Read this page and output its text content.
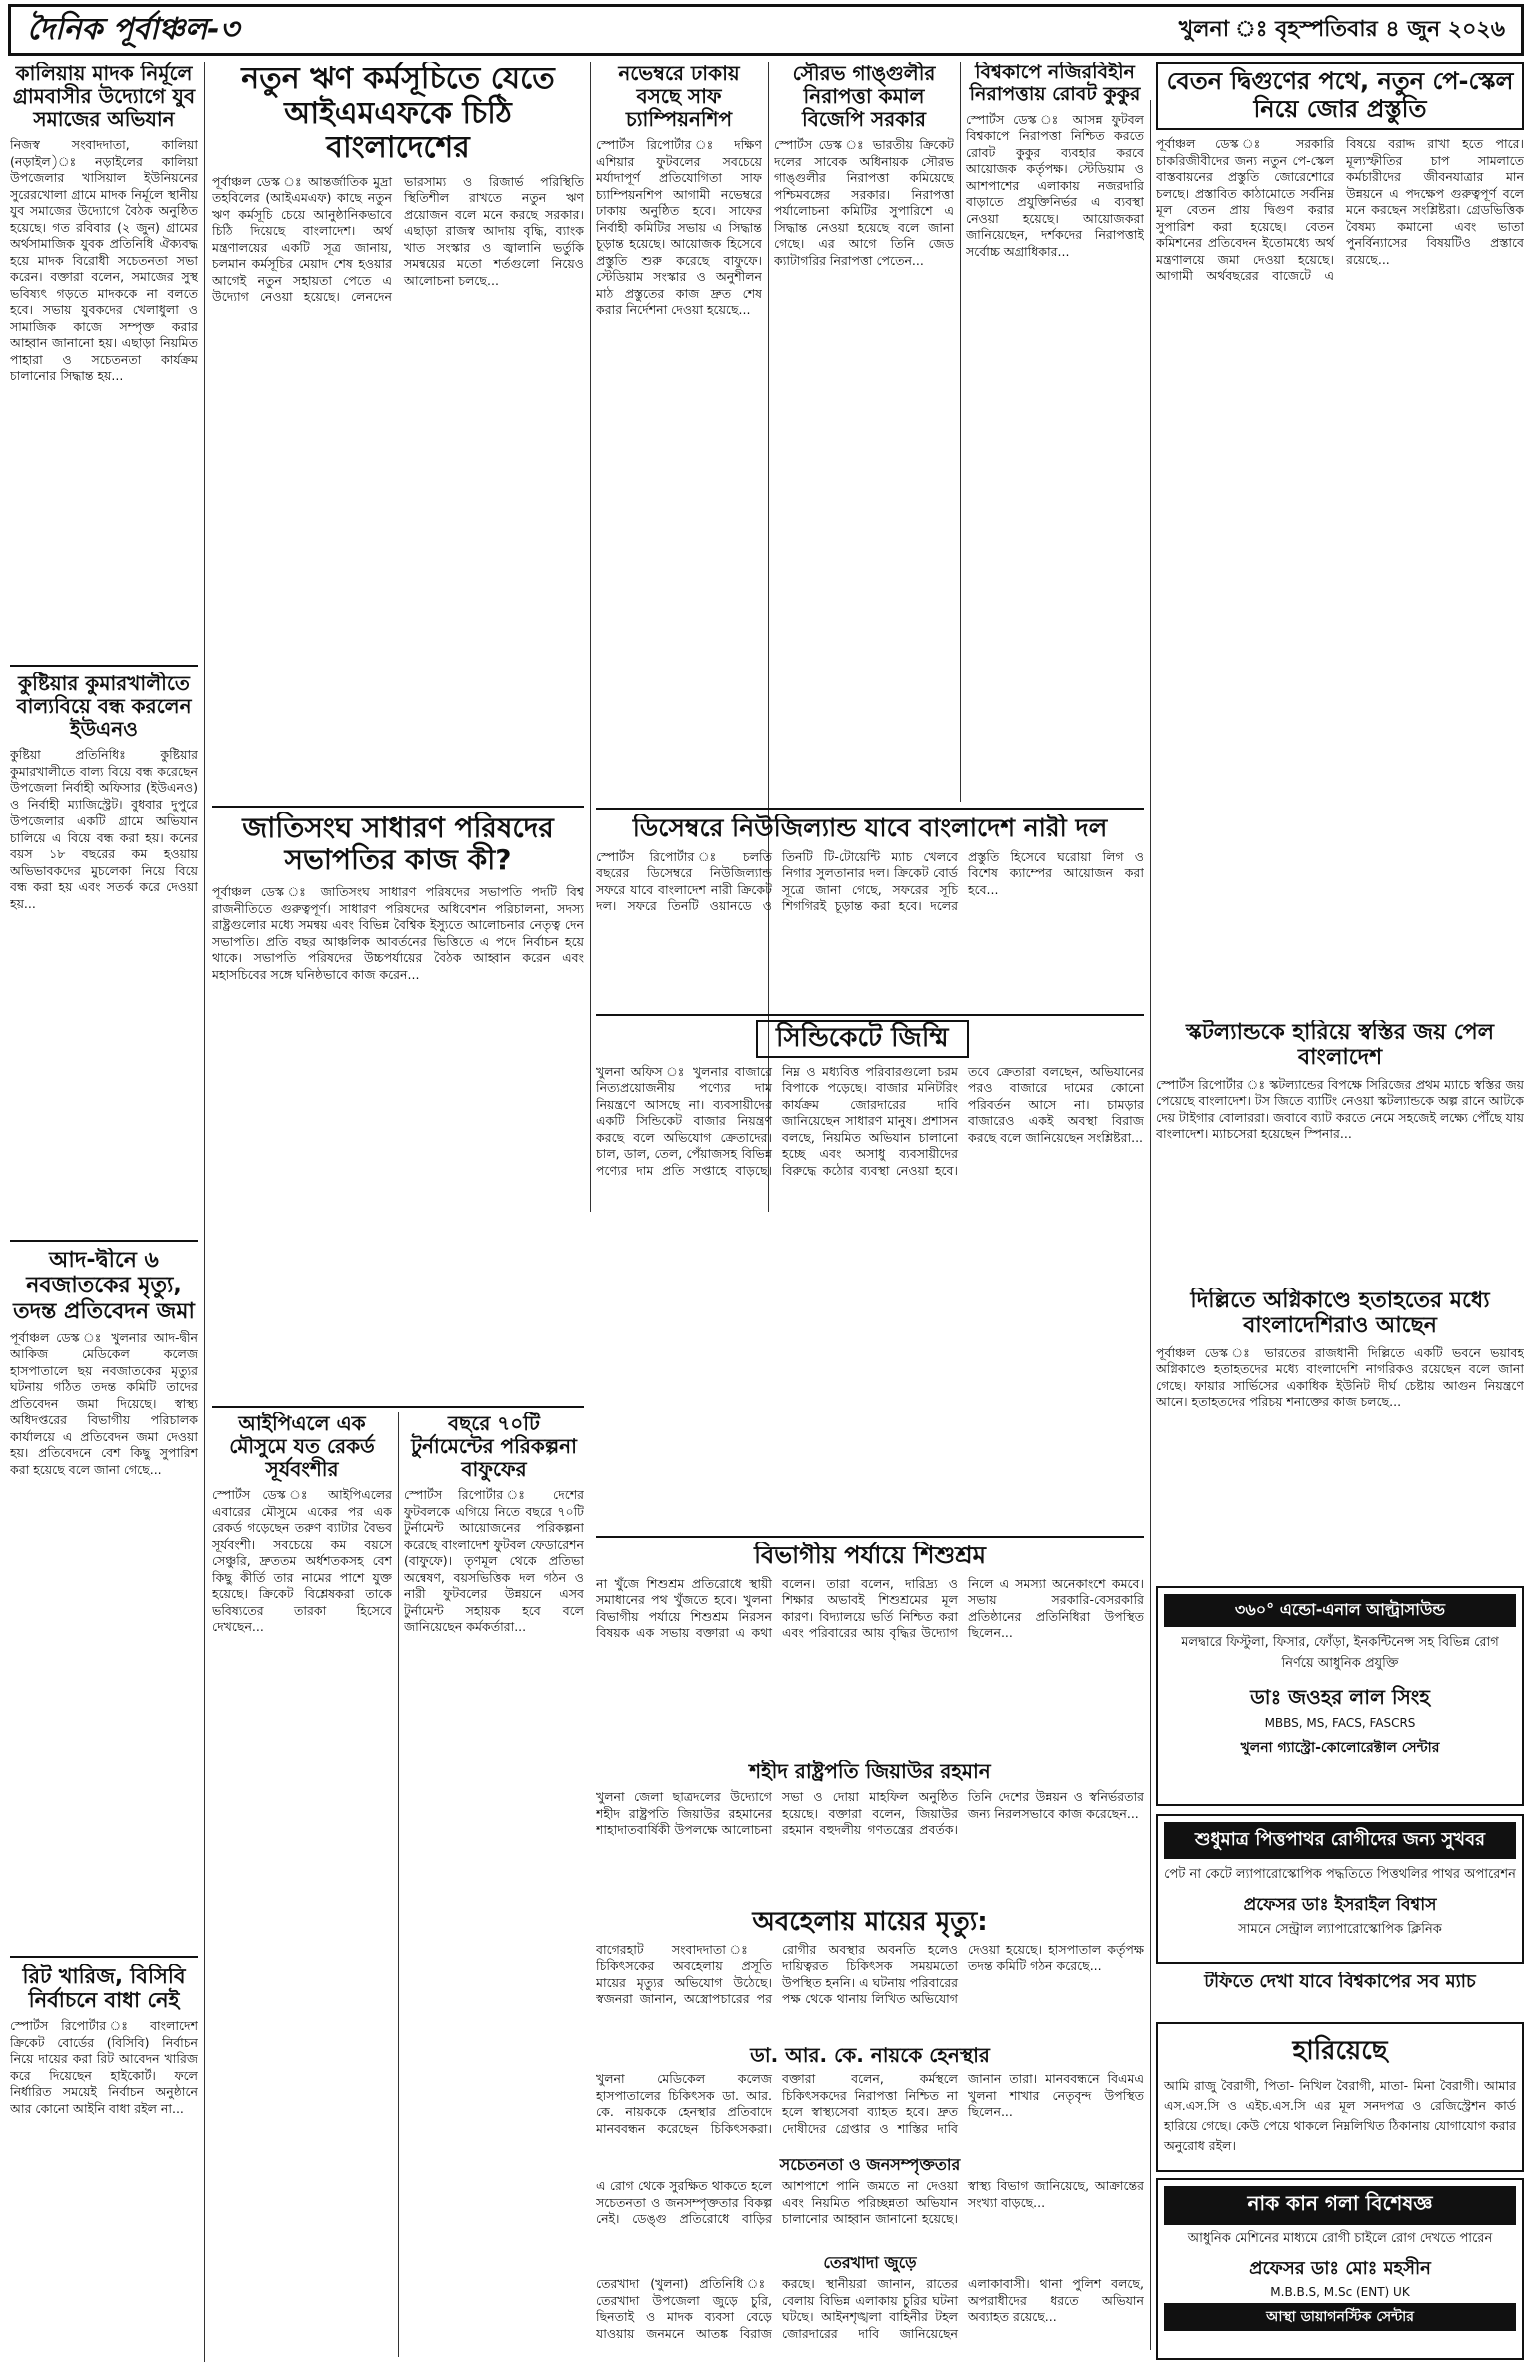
দৈনিক পূর্বাঞ্চল-৩	খুলনা ঃ বৃহস্পতিবার ৪ জুন ২০২৬
কালিয়ায় মাদক নির্মূলে গ্রামবাসীর উদ্যোগে যুব সমাজের অভিযান
নিজস্ব সংবাদদাতা, কালিয়া (নড়াইল)ঃ নড়াইলের কালিয়া উপজেলার খাসিয়াল ইউনিয়নের সুরেরখোলা গ্রামে মাদক নির্মূলে স্থানীয় যুব সমাজের উদ্যোগে বৈঠক অনুষ্ঠিত হয়েছে। গত রবিবার (২ জুন) গ্রামের অর্থসামাজিক যুবক প্রতিনিধি ঐক্যবদ্ধ হয়ে মাদক বিরোধী সচেতনতা সভা করেন। বক্তারা বলেন, সমাজের সুস্থ ভবিষ্যৎ গড়তে মাদককে না বলতে হবে। সভায় যুবকদের খেলাধুলা ও সামাজিক কাজে সম্পৃক্ত করার আহ্বান জানানো হয়। এছাড়া নিয়মিত পাহারা ও সচেতনতা কার্যক্রম চালানোর সিদ্ধান্ত হয়...
কুষ্টিয়ার কুমারখালীতে বাল্যবিয়ে বন্ধ করলেন ইউএনও
কুষ্টিয়া প্রতিনিধিঃ কুষ্টিয়ার কুমারখালীতে বাল্য বিয়ে বন্ধ করেছেন উপজেলা নির্বাহী অফিসার (ইউএনও) ও নির্বাহী ম্যাজিস্ট্রেট। বুধবার দুপুরে উপজেলার একটি গ্রামে অভিযান চালিয়ে এ বিয়ে বন্ধ করা হয়। কনের বয়স ১৮ বছরের কম হওয়ায় অভিভাবকদের মুচলেকা নিয়ে বিয়ে বন্ধ করা হয় এবং সতর্ক করে দেওয়া হয়...
আদ-দ্বীনে ৬ নবজাতকের মৃত্যু, তদন্ত প্রতিবেদন জমা
পূর্বাঞ্চল ডেস্ক ঃ খুলনার আদ-দ্বীন আকিজ মেডিকেল কলেজ হাসপাতালে ছয় নবজাতকের মৃত্যুর ঘটনায় গঠিত তদন্ত কমিটি তাদের প্রতিবেদন জমা দিয়েছে। স্বাস্থ্য অধিদপ্তরের বিভাগীয় পরিচালক কার্যালয়ে এ প্রতিবেদন জমা দেওয়া হয়। প্রতিবেদনে বেশ কিছু সুপারিশ করা হয়েছে বলে জানা গেছে...
রিট খারিজ, বিসিবি নির্বাচনে বাধা নেই
স্পোর্টস রিপোর্টার ঃ বাংলাদেশ ক্রিকেট বোর্ডের (বিসিবি) নির্বাচন নিয়ে দায়ের করা রিট আবেদন খারিজ করে দিয়েছেন হাইকোর্ট। ফলে নির্ধারিত সময়েই নির্বাচন অনুষ্ঠানে আর কোনো আইনি বাধা রইল না...
নতুন ঋণ কর্মসূচিতে যেতে আইএমএফকে চিঠি বাংলাদেশের
পূর্বাঞ্চল ডেস্ক ঃ আন্তর্জাতিক মুদ্রা তহবিলের (আইএমএফ) কাছে নতুন ঋণ কর্মসূচি চেয়ে আনুষ্ঠানিকভাবে চিঠি দিয়েছে বাংলাদেশ। অর্থ মন্ত্রণালয়ের একটি সূত্র জানায়, চলমান কর্মসূচির মেয়াদ শেষ হওয়ার আগেই নতুন সহায়তা পেতে এ উদ্যোগ নেওয়া হয়েছে। লেনদেন ভারসাম্য ও রিজার্ভ পরিস্থিতি স্থিতিশীল রাখতে নতুন ঋণ প্রয়োজন বলে মনে করছে সরকার। এছাড়া রাজস্ব আদায় বৃদ্ধি, ব্যাংক খাত সংস্কার ও জ্বালানি ভর্তুকি সমন্বয়ের মতো শর্তগুলো নিয়েও আলোচনা চলছে...
জাতিসংঘ সাধারণ পরিষদের সভাপতির কাজ কী?
পূর্বাঞ্চল ডেস্ক ঃ জাতিসংঘ সাধারণ পরিষদের সভাপতি পদটি বিশ্ব রাজনীতিতে গুরুত্বপূর্ণ। সাধারণ পরিষদের অধিবেশন পরিচালনা, সদস্য রাষ্ট্রগুলোর মধ্যে সমন্বয় এবং বিভিন্ন বৈশ্বিক ইস্যুতে আলোচনার নেতৃত্ব দেন সভাপতি। প্রতি বছর আঞ্চলিক আবর্তনের ভিত্তিতে এ পদে নির্বাচন হয়ে থাকে। সভাপতি পরিষদের উচ্চপর্যায়ের বৈঠক আহ্বান করেন এবং মহাসচিবের সঙ্গে ঘনিষ্ঠভাবে কাজ করেন...
আইপিএলে এক মৌসুমে যত রেকর্ড সূর্যবংশীর
স্পোর্টস ডেস্ক ঃ আইপিএলের এবারের মৌসুমে একের পর এক রেকর্ড গড়েছেন তরুণ ব্যাটার বৈভব সূর্যবংশী। সবচেয়ে কম বয়সে সেঞ্চুরি, দ্রুততম অর্ধশতকসহ বেশ কিছু কীর্তি তার নামের পাশে যুক্ত হয়েছে। ক্রিকেট বিশ্লেষকরা তাকে ভবিষ্যতের তারকা হিসেবে দেখছেন...
বছরে ৭০টি টুর্নামেন্টের পরিকল্পনা বাফুফের
স্পোর্টস রিপোর্টার ঃ দেশের ফুটবলকে এগিয়ে নিতে বছরে ৭০টি টুর্নামেন্ট আয়োজনের পরিকল্পনা করেছে বাংলাদেশ ফুটবল ফেডারেশন (বাফুফে)। তৃণমূল থেকে প্রতিভা অন্বেষণ, বয়সভিত্তিক দল গঠন ও নারী ফুটবলের উন্নয়নে এসব টুর্নামেন্ট সহায়ক হবে বলে জানিয়েছেন কর্মকর্তারা...
নভেম্বরে ঢাকায় বসছে সাফ চ্যাম্পিয়নশিপ
স্পোর্টস রিপোর্টার ঃ দক্ষিণ এশিয়ার ফুটবলের সবচেয়ে মর্যাদাপূর্ণ প্রতিযোগিতা সাফ চ্যাম্পিয়নশিপ আগামী নভেম্বরে ঢাকায় অনুষ্ঠিত হবে। সাফের নির্বাহী কমিটির সভায় এ সিদ্ধান্ত চূড়ান্ত হয়েছে। আয়োজক হিসেবে প্রস্তুতি শুরু করেছে বাফুফে। স্টেডিয়াম সংস্কার ও অনুশীলন মাঠ প্রস্তুতের কাজ দ্রুত শেষ করার নির্দেশনা দেওয়া হয়েছে...
সৌরভ গাঙ্গুলীর নিরাপত্তা কমাল বিজেপি সরকার
স্পোর্টস ডেস্ক ঃ ভারতীয় ক্রিকেট দলের সাবেক অধিনায়ক সৌরভ গাঙ্গুলীর নিরাপত্তা কমিয়েছে পশ্চিমবঙ্গের সরকার। নিরাপত্তা পর্যালোচনা কমিটির সুপারিশে এ সিদ্ধান্ত নেওয়া হয়েছে বলে জানা গেছে। এর আগে তিনি জেড ক্যাটাগরির নিরাপত্তা পেতেন...
বিশ্বকাপে নজিরবিহীন নিরাপত্তায় রোবট কুকুর
স্পোর্টস ডেস্ক ঃ আসন্ন ফুটবল বিশ্বকাপে নিরাপত্তা নিশ্চিত করতে রোবট কুকুর ব্যবহার করবে আয়োজক কর্তৃপক্ষ। স্টেডিয়াম ও আশপাশের এলাকায় নজরদারি বাড়াতে প্রযুক্তিনির্ভর এ ব্যবস্থা নেওয়া হয়েছে। আয়োজকরা জানিয়েছেন, দর্শকদের নিরাপত্তাই সর্বোচ্চ অগ্রাধিকার...
বেতন দ্বিগুণের পথে, নতুন পে-স্কেল নিয়ে জোর প্রস্তুতি
পূর্বাঞ্চল ডেস্ক ঃ সরকারি চাকরিজীবীদের জন্য নতুন পে-স্কেল বাস্তবায়নের প্রস্তুতি জোরেশোরে চলছে। প্রস্তাবিত কাঠামোতে সর্বনিম্ন মূল বেতন প্রায় দ্বিগুণ করার সুপারিশ করা হয়েছে। বেতন কমিশনের প্রতিবেদন ইতোমধ্যে অর্থ মন্ত্রণালয়ে জমা দেওয়া হয়েছে। আগামী অর্থবছরের বাজেটে এ বিষয়ে বরাদ্দ রাখা হতে পারে। মূল্যস্ফীতির চাপ সামলাতে কর্মচারীদের জীবনযাত্রার মান উন্নয়নে এ পদক্ষেপ গুরুত্বপূর্ণ বলে মনে করছেন সংশ্লিষ্টরা। গ্রেডভিত্তিক বৈষম্য কমানো এবং ভাতা পুনর্বিন্যাসের বিষয়টিও প্রস্তাবে রয়েছে...
ডিসেম্বরে নিউজিল্যান্ড যাবে বাংলাদেশ নারী দল
স্পোর্টস রিপোর্টার ঃ চলতি বছরের ডিসেম্বরে নিউজিল্যান্ড সফরে যাবে বাংলাদেশ নারী ক্রিকেট দল। সফরে তিনটি ওয়ানডে ও তিনটি টি-টোয়েন্টি ম্যাচ খেলবে নিগার সুলতানার দল। ক্রিকেট বোর্ড সূত্রে জানা গেছে, সফরের সূচি শিগগিরই চূড়ান্ত করা হবে। দলের প্রস্তুতি হিসেবে ঘরোয়া লিগ ও বিশেষ ক্যাম্পের আয়োজন করা হবে...
সিন্ডিকেটে জিম্মি
খুলনা অফিস ঃ খুলনার বাজারে নিত্যপ্রয়োজনীয় পণ্যের দাম নিয়ন্ত্রণে আসছে না। ব্যবসায়ীদের একটি সিন্ডিকেট বাজার নিয়ন্ত্রণ করছে বলে অভিযোগ ক্রেতাদের। চাল, ডাল, তেল, পেঁয়াজসহ বিভিন্ন পণ্যের দাম প্রতি সপ্তাহে বাড়ছে। নিম্ন ও মধ্যবিত্ত পরিবারগুলো চরম বিপাকে পড়েছে। বাজার মনিটরিং কার্যক্রম জোরদারের দাবি জানিয়েছেন সাধারণ মানুষ। প্রশাসন বলছে, নিয়মিত অভিযান চালানো হচ্ছে এবং অসাধু ব্যবসায়ীদের বিরুদ্ধে কঠোর ব্যবস্থা নেওয়া হবে। তবে ক্রেতারা বলছেন, অভিযানের পরও বাজারে দামের কোনো পরিবর্তন আসে না। চামড়ার বাজারেও একই অবস্থা বিরাজ করছে বলে জানিয়েছেন সংশ্লিষ্টরা...
স্কটল্যান্ডকে হারিয়ে স্বস্তির জয় পেল বাংলাদেশ
স্পোর্টস রিপোর্টার ঃ স্কটল্যান্ডের বিপক্ষে সিরিজের প্রথম ম্যাচে স্বস্তির জয় পেয়েছে বাংলাদেশ। টস জিতে ব্যাটিং নেওয়া স্কটল্যান্ডকে অল্প রানে আটকে দেয় টাইগার বোলাররা। জবাবে ব্যাট করতে নেমে সহজেই লক্ষ্যে পৌঁছে যায় বাংলাদেশ। ম্যাচসেরা হয়েছেন স্পিনার...
দিল্লিতে অগ্নিকাণ্ডে হতাহতের মধ্যে বাংলাদেশিরাও আছেন
পূর্বাঞ্চল ডেস্ক ঃ ভারতের রাজধানী দিল্লিতে একটি ভবনে ভয়াবহ অগ্নিকাণ্ডে হতাহতদের মধ্যে বাংলাদেশি নাগরিকও রয়েছেন বলে জানা গেছে। ফায়ার সার্ভিসের একাধিক ইউনিট দীর্ঘ চেষ্টায় আগুন নিয়ন্ত্রণে আনে। হতাহতদের পরিচয় শনাক্তের কাজ চলছে...
বিভাগীয় পর্যায়ে শিশুশ্রম
না খুঁজে শিশুশ্রম প্রতিরোধে স্থায়ী সমাধানের পথ খুঁজতে হবে। খুলনা বিভাগীয় পর্যায়ে শিশুশ্রম নিরসন বিষয়ক এক সভায় বক্তারা এ কথা বলেন। তারা বলেন, দারিদ্র্য ও শিক্ষার অভাবই শিশুশ্রমের মূল কারণ। বিদ্যালয়ে ভর্তি নিশ্চিত করা এবং পরিবারের আয় বৃদ্ধির উদ্যোগ নিলে এ সমস্যা অনেকাংশে কমবে। সভায় সরকারি-বেসরকারি প্রতিষ্ঠানের প্রতিনিধিরা উপস্থিত ছিলেন...
শহীদ রাষ্ট্রপতি জিয়াউর রহমান
খুলনা জেলা ছাত্রদলের উদ্যোগে শহীদ রাষ্ট্রপতি জিয়াউর রহমানের শাহাদাতবার্ষিকী উপলক্ষে আলোচনা সভা ও দোয়া মাহফিল অনুষ্ঠিত হয়েছে। বক্তারা বলেন, জিয়াউর রহমান বহুদলীয় গণতন্ত্রের প্রবর্তক। তিনি দেশের উন্নয়ন ও স্বনির্ভরতার জন্য নিরলসভাবে কাজ করেছেন...
অবহেলায় মায়ের মৃত্যু:
বাগেরহাট সংবাদদাতা ঃ চিকিৎসকের অবহেলায় প্রসূতি মায়ের মৃত্যুর অভিযোগ উঠেছে। স্বজনরা জানান, অস্ত্রোপচারের পর রোগীর অবস্থার অবনতি হলেও দায়িত্বরত চিকিৎসক সময়মতো উপস্থিত হননি। এ ঘটনায় পরিবারের পক্ষ থেকে থানায় লিখিত অভিযোগ দেওয়া হয়েছে। হাসপাতাল কর্তৃপক্ষ তদন্ত কমিটি গঠন করেছে...
ডা. আর. কে. নায়কে হেনস্থার
খুলনা মেডিকেল কলেজ হাসপাতালের চিকিৎসক ডা. আর. কে. নায়ককে হেনস্থার প্রতিবাদে মানববন্ধন করেছেন চিকিৎসকরা। বক্তারা বলেন, কর্মস্থলে চিকিৎসকদের নিরাপত্তা নিশ্চিত না হলে স্বাস্থ্যসেবা ব্যাহত হবে। দ্রুত দোষীদের গ্রেপ্তার ও শাস্তির দাবি জানান তারা। মানববন্ধনে বিএমএ খুলনা শাখার নেতৃবৃন্দ উপস্থিত ছিলেন...
সচেতনতা ও জনসম্পৃক্ততার
এ রোগ থেকে সুরক্ষিত থাকতে হলে সচেতনতা ও জনসম্পৃক্ততার বিকল্প নেই। ডেঙ্গু প্রতিরোধে বাড়ির আশপাশে পানি জমতে না দেওয়া এবং নিয়মিত পরিচ্ছন্নতা অভিযান চালানোর আহ্বান জানানো হয়েছে। স্বাস্থ্য বিভাগ জানিয়েছে, আক্রান্তের সংখ্যা বাড়ছে...
তেরখাদা জুড়ে
তেরখাদা (খুলনা) প্রতিনিধি ঃ তেরখাদা উপজেলা জুড়ে চুরি, ছিনতাই ও মাদক ব্যবসা বেড়ে যাওয়ায় জনমনে আতঙ্ক বিরাজ করছে। স্থানীয়রা জানান, রাতের বেলায় বিভিন্ন এলাকায় চুরির ঘটনা ঘটছে। আইনশৃঙ্খলা বাহিনীর টহল জোরদারের দাবি জানিয়েছেন এলাকাবাসী। থানা পুলিশ বলছে, অপরাধীদের ধরতে অভিযান অব্যাহত রয়েছে...
৩৬০° এন্ডো-এনাল আল্ট্রাসাউন্ড
মলদ্বারে ফিস্টুলা, ফিসার, ফোঁড়া, ইনকন্টিনেন্স সহ বিভিন্ন রোগ নির্ণয়ে আধুনিক প্রযুক্তি
ডাঃ জওহর লাল সিংহ
MBBS, MS, FACS, FASCRS
খুলনা গ্যাস্ট্রো-কোলোরেক্টাল সেন্টার
শুধুমাত্র পিত্তপাথর রোগীদের জন্য সুখবর
পেট না কেটে ল্যাপারোস্কোপিক পদ্ধতিতে পিত্তথলির পাথর অপারেশন
প্রফেসর ডাঃ ইসরাইল বিশ্বাস
সামনে সেন্ট্রাল ল্যাপারোস্কোপিক ক্লিনিক
টফিতে দেখা যাবে বিশ্বকাপের সব ম্যাচ
হারিয়েছে
আমি রাজু বৈরাগী, পিতা- নিখিল বৈরাগী, মাতা- মিনা বৈরাগী। আমার এস.এস.সি ও এইচ.এস.সি এর মূল সনদপত্র ও রেজিস্ট্রেশন কার্ড হারিয়ে গেছে। কেউ পেয়ে থাকলে নিম্নলিখিত ঠিকানায় যোগাযোগ করার অনুরোধ রইল।
নাক কান গলা বিশেষজ্ঞ
আধুনিক মেশিনের মাধ্যমে রোগী চাইলে রোগ দেখতে পারেন
প্রফেসর ডাঃ মোঃ মহসীন
M.B.B.S, M.Sc (ENT) UK
আস্থা ডায়াগনস্টিক সেন্টার
